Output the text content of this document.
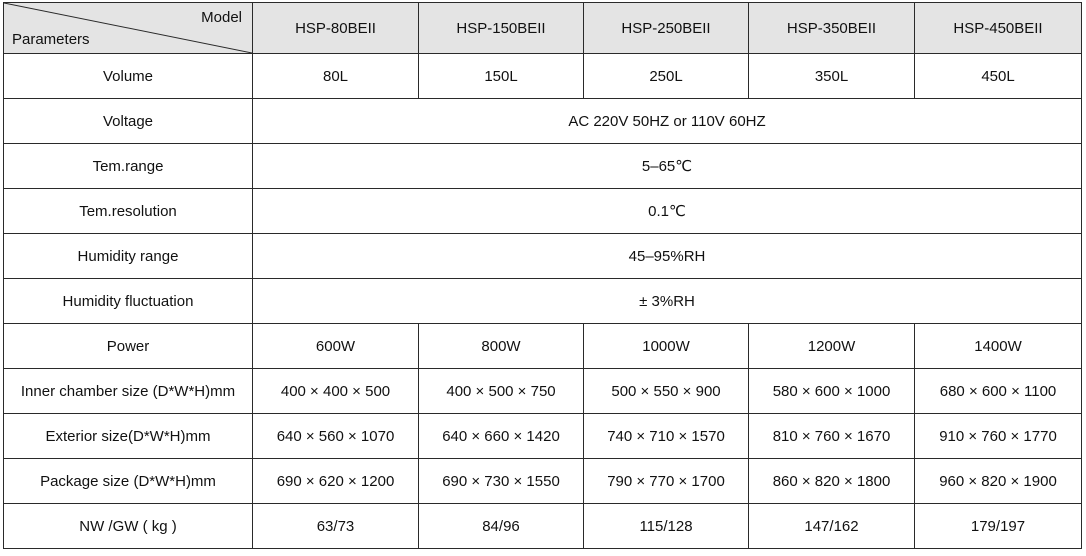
Model
Parameters	HSP-80BEII	HSP-150BEII	HSP-250BEII	HSP-350BEII	HSP-450BEII
Volume	80L	150L	250L	350L	450L
Voltage	AC 220V 50HZ or 110V 60HZ				
Tem.range	5–65℃				
Tem.resolution	0.1℃				
Humidity range	45–95%RH				
Humidity fluctuation	± 3%RH				
Power	600W	800W	1000W	1200W	1400W
Inner chamber size (D*W*H)mm	400 × 400 × 500	400 × 500 × 750	500 × 550 × 900	580 × 600 × 1000	680 × 600 × 1100
Exterior size(D*W*H)mm	640 × 560 × 1070	640 × 660 × 1420	740 × 710 × 1570	810 × 760 × 1670	910 × 760 × 1770
Package size (D*W*H)mm	690 × 620 × 1200	690 × 730 × 1550	790 × 770 × 1700	860 × 820 × 1800	960 × 820 × 1900
NW /GW ( kg )	63/73	84/96	115/128	147/162	179/197
